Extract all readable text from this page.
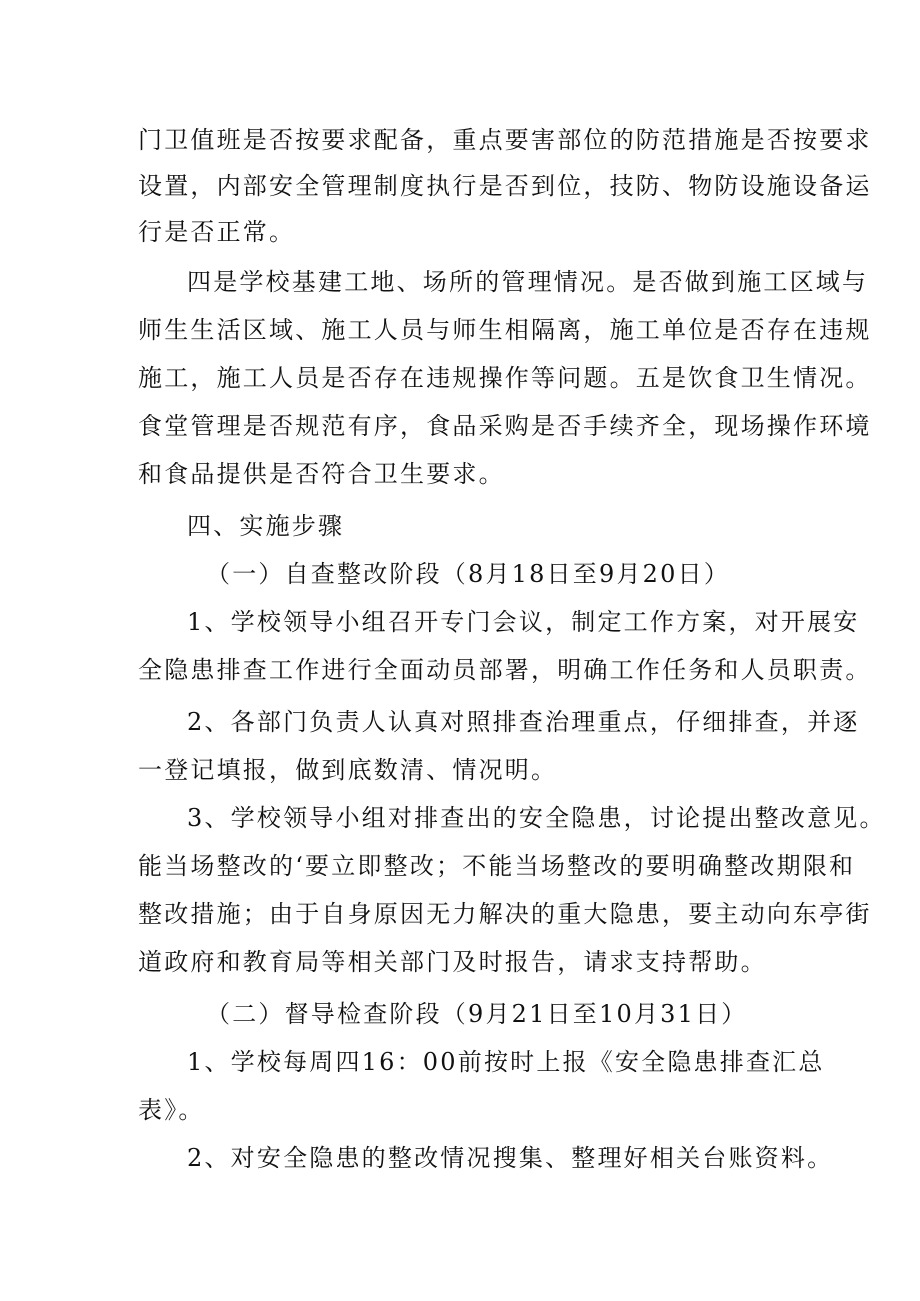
门卫值班是否按要求配备，重点要害部位的防范措施是否按要求
设置，内部安全管理制度执行是否到位，技防、物防设施设备运
行是否正常。
四是学校基建工地、场所的管理情况。是否做到施工区域与
师生生活区域、施工人员与师生相隔离，施工单位是否存在违规
施工，施工人员是否存在违规操作等问题。五是饮食卫生情况。
食堂管理是否规范有序，食品采购是否手续齐全，现场操作环境
和食品提供是否符合卫生要求。
四、实施步骤
（一）自查整改阶段（8月18日至9月20日）
1、学校领导小组召开专门会议，制定工作方案，对开展安
全隐患排查工作进行全面动员部署，明确工作任务和人员职责。
2、各部门负责人认真对照排查治理重点，仔细排查，并逐
一登记填报，做到底数清、情况明。
3、学校领导小组对排查出的安全隐患，讨论提出整改意见。
能当场整改的‘要立即整改；不能当场整改的要明确整改期限和
整改措施；由于自身原因无力解决的重大隐患，要主动向东亭街
道政府和教育局等相关部门及时报告，请求支持帮助。
（二）督导检查阶段（9月21日至10月31日）
1、学校每周四16：00前按时上报《安全隐患排查汇总
表》。
2、对安全隐患的整改情况搜集、整理好相关台账资料。
